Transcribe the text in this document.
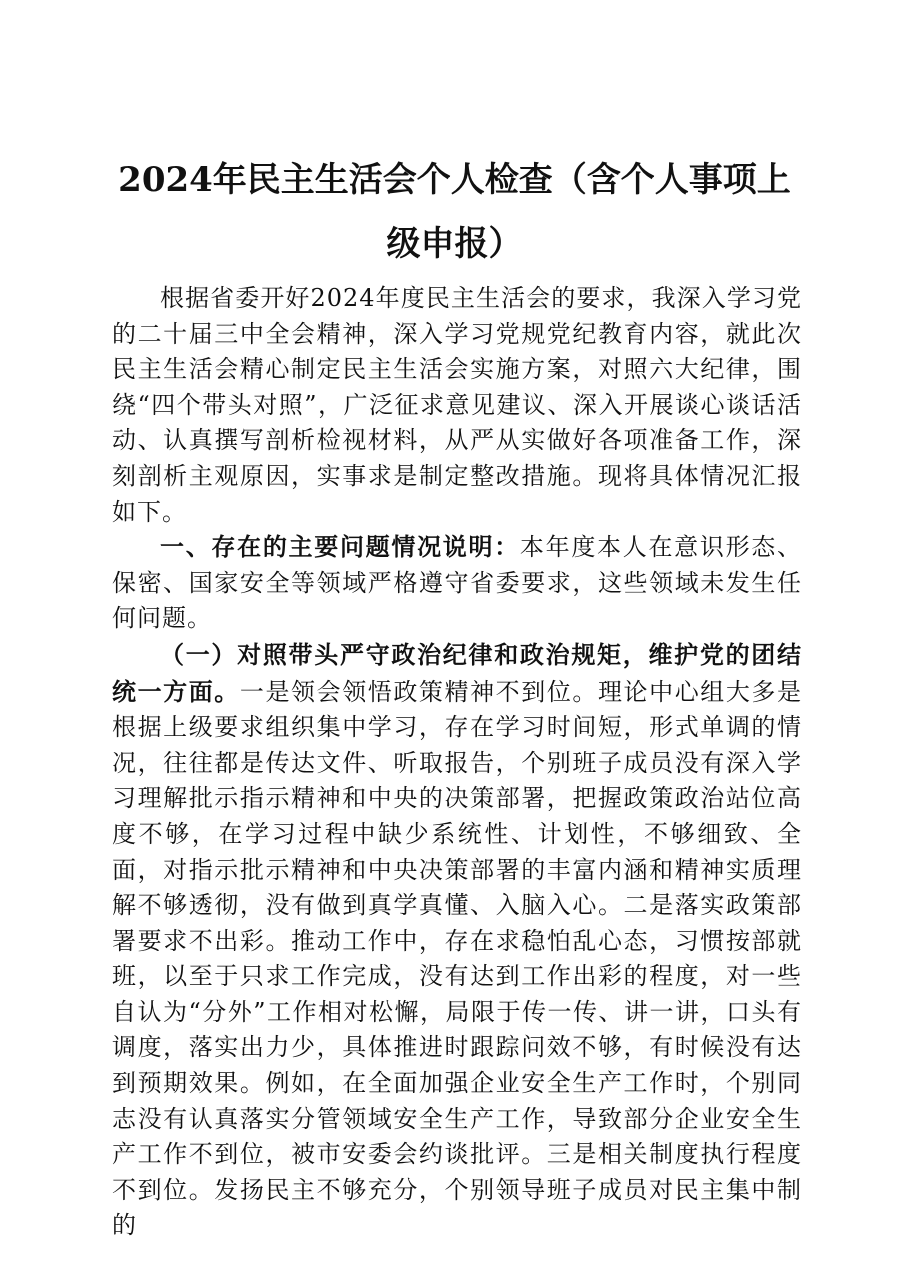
2024年民主生活会个人检查（含个人事项上级申报）

根据省委开好2024年度民主生活会的要求，我深入学习党的二十届三中全会精神，深入学习党规党纪教育内容，就此次民主生活会精心制定民主生活会实施方案，对照六大纪律，围绕“四个带头对照”，广泛征求意见建议、深入开展谈心谈话活动、认真撰写剖析检视材料，从严从实做好各项准备工作，深刻剖析主观原因，实事求是制定整改措施。现将具体情况汇报如下。

一、存在的主要问题情况说明：本年度本人在意识形态、保密、国家安全等领域严格遵守省委要求，这些领域未发生任何问题。

（一）对照带头严守政治纪律和政治规矩，维护党的团结统一方面。一是领会领悟政策精神不到位。理论中心组大多是根据上级要求组织集中学习，存在学习时间短，形式单调的情况，往往都是传达文件、听取报告，个别班子成员没有深入学习理解批示指示精神和中央的决策部署，把握政策政治站位高度不够，在学习过程中缺少系统性、计划性，不够细致、全面，对指示批示精神和中央决策部署的丰富内涵和精神实质理解不够透彻，没有做到真学真懂、入脑入心。二是落实政策部署要求不出彩。推动工作中，存在求稳怕乱心态，习惯按部就班，以至于只求工作完成，没有达到工作出彩的程度，对一些自认为“分外”工作相对松懈，局限于传一传、讲一讲，口头有调度，落实出力少，具体推进时跟踪问效不够，有时候没有达到预期效果。例如，在全面加强企业安全生产工作时，个别同志没有认真落实分管领域安全生产工作，导致部分企业安全生产工作不到位，被市安委会约谈批评。三是相关制度执行程度不到位。发扬民主不够充分，个别领导班子成员对民主集中制的
